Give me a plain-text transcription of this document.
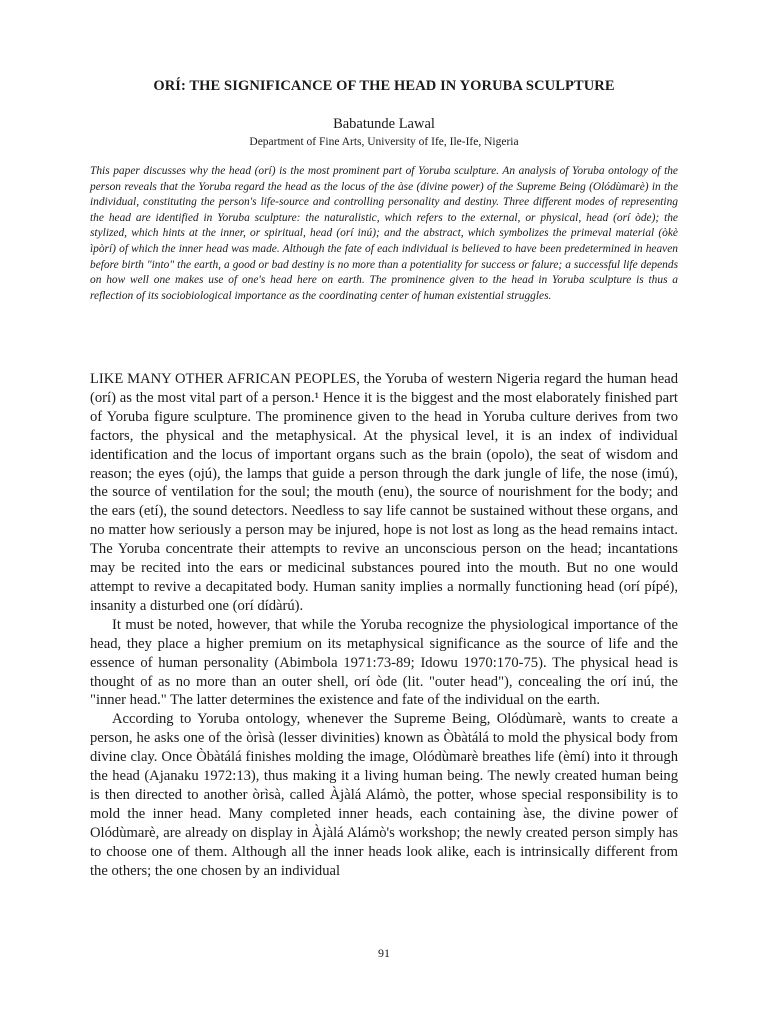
ORÍ: THE SIGNIFICANCE OF THE HEAD IN YORUBA SCULPTURE
Babatunde Lawal
Department of Fine Arts, University of Ife, Ile-Ife, Nigeria

This paper discusses why the head (orí) is the most prominent part of Yoruba sculpture. An analysis of Yoruba ontology of the person reveals that the Yoruba regard the head as the locus of the àse (divine power) of the Supreme Being (Olódùmarè) in the individual, constituting the person's life-source and controlling personality and destiny. Three different modes of representing the head are identified in Yoruba sculpture: the naturalistic, which refers to the external, or physical, head (orí òde); the stylized, which hints at the inner, or spiritual, head (orí inú); and the abstract, which symbolizes the primeval material (òkè ìpòrí) of which the inner head was made. Although the fate of each individual is believed to have been predetermined in heaven before birth "into" the earth, a good or bad destiny is no more than a potentiality for success or falure; a successful life depends on how well one makes use of one's head here on earth. The prominence given to the head in Yoruba sculpture is thus a reflection of its sociobiological importance as the coordinating center of human existential struggles.

LIKE MANY OTHER AFRICAN PEOPLES, the Yoruba of western Nigeria regard the human head (orí) as the most vital part of a person.¹ Hence it is the biggest and the most elaborately finished part of Yoruba figure sculpture. The prominence given to the head in Yoruba culture derives from two factors, the physical and the metaphysical. At the physical level, it is an index of individual identification and the locus of important organs such as the brain (opolo), the seat of wisdom and reason; the eyes (ojú), the lamps that guide a person through the dark jungle of life, the nose (imú), the source of ventilation for the soul; the mouth (enu), the source of nourishment for the body; and the ears (etí), the sound detectors. Needless to say life cannot be sustained without these organs, and no matter how seriously a person may be injured, hope is not lost as long as the head remains intact. The Yoruba concentrate their attempts to revive an unconscious person on the head; incantations may be recited into the ears or medicinal substances poured into the mouth. But no one would attempt to revive a decapitated body. Human sanity implies a normally functioning head (orí pípé), insanity a disturbed one (orí dídàrú).

It must be noted, however, that while the Yoruba recognize the physiological importance of the head, they place a higher premium on its metaphysical significance as the source of life and the essence of human personality (Abimbola 1971:73-89; Idowu 1970:170-75). The physical head is thought of as no more than an outer shell, orí òde (lit. "outer head"), concealing the orí inú, the "inner head." The latter determines the existence and fate of the individual on the earth.

According to Yoruba ontology, whenever the Supreme Being, Olódùmarè, wants to create a person, he asks one of the òrìsà (lesser divinities) known as Òbàtálá to mold the physical body from divine clay. Once Òbàtálá finishes molding the image, Olódùmarè breathes life (èmí) into it through the head (Ajanaku 1972:13), thus making it a living human being. The newly created human being is then directed to another òrìsà, called Àjàlá Alámò, the potter, whose special responsibility is to mold the inner head. Many completed inner heads, each containing àse, the divine power of Olódùmarè, are already on display in Àjàlá Alámò's workshop; the newly created person simply has to choose one of them. Although all the inner heads look alike, each is intrinsically different from the others; the one chosen by an individual

91
